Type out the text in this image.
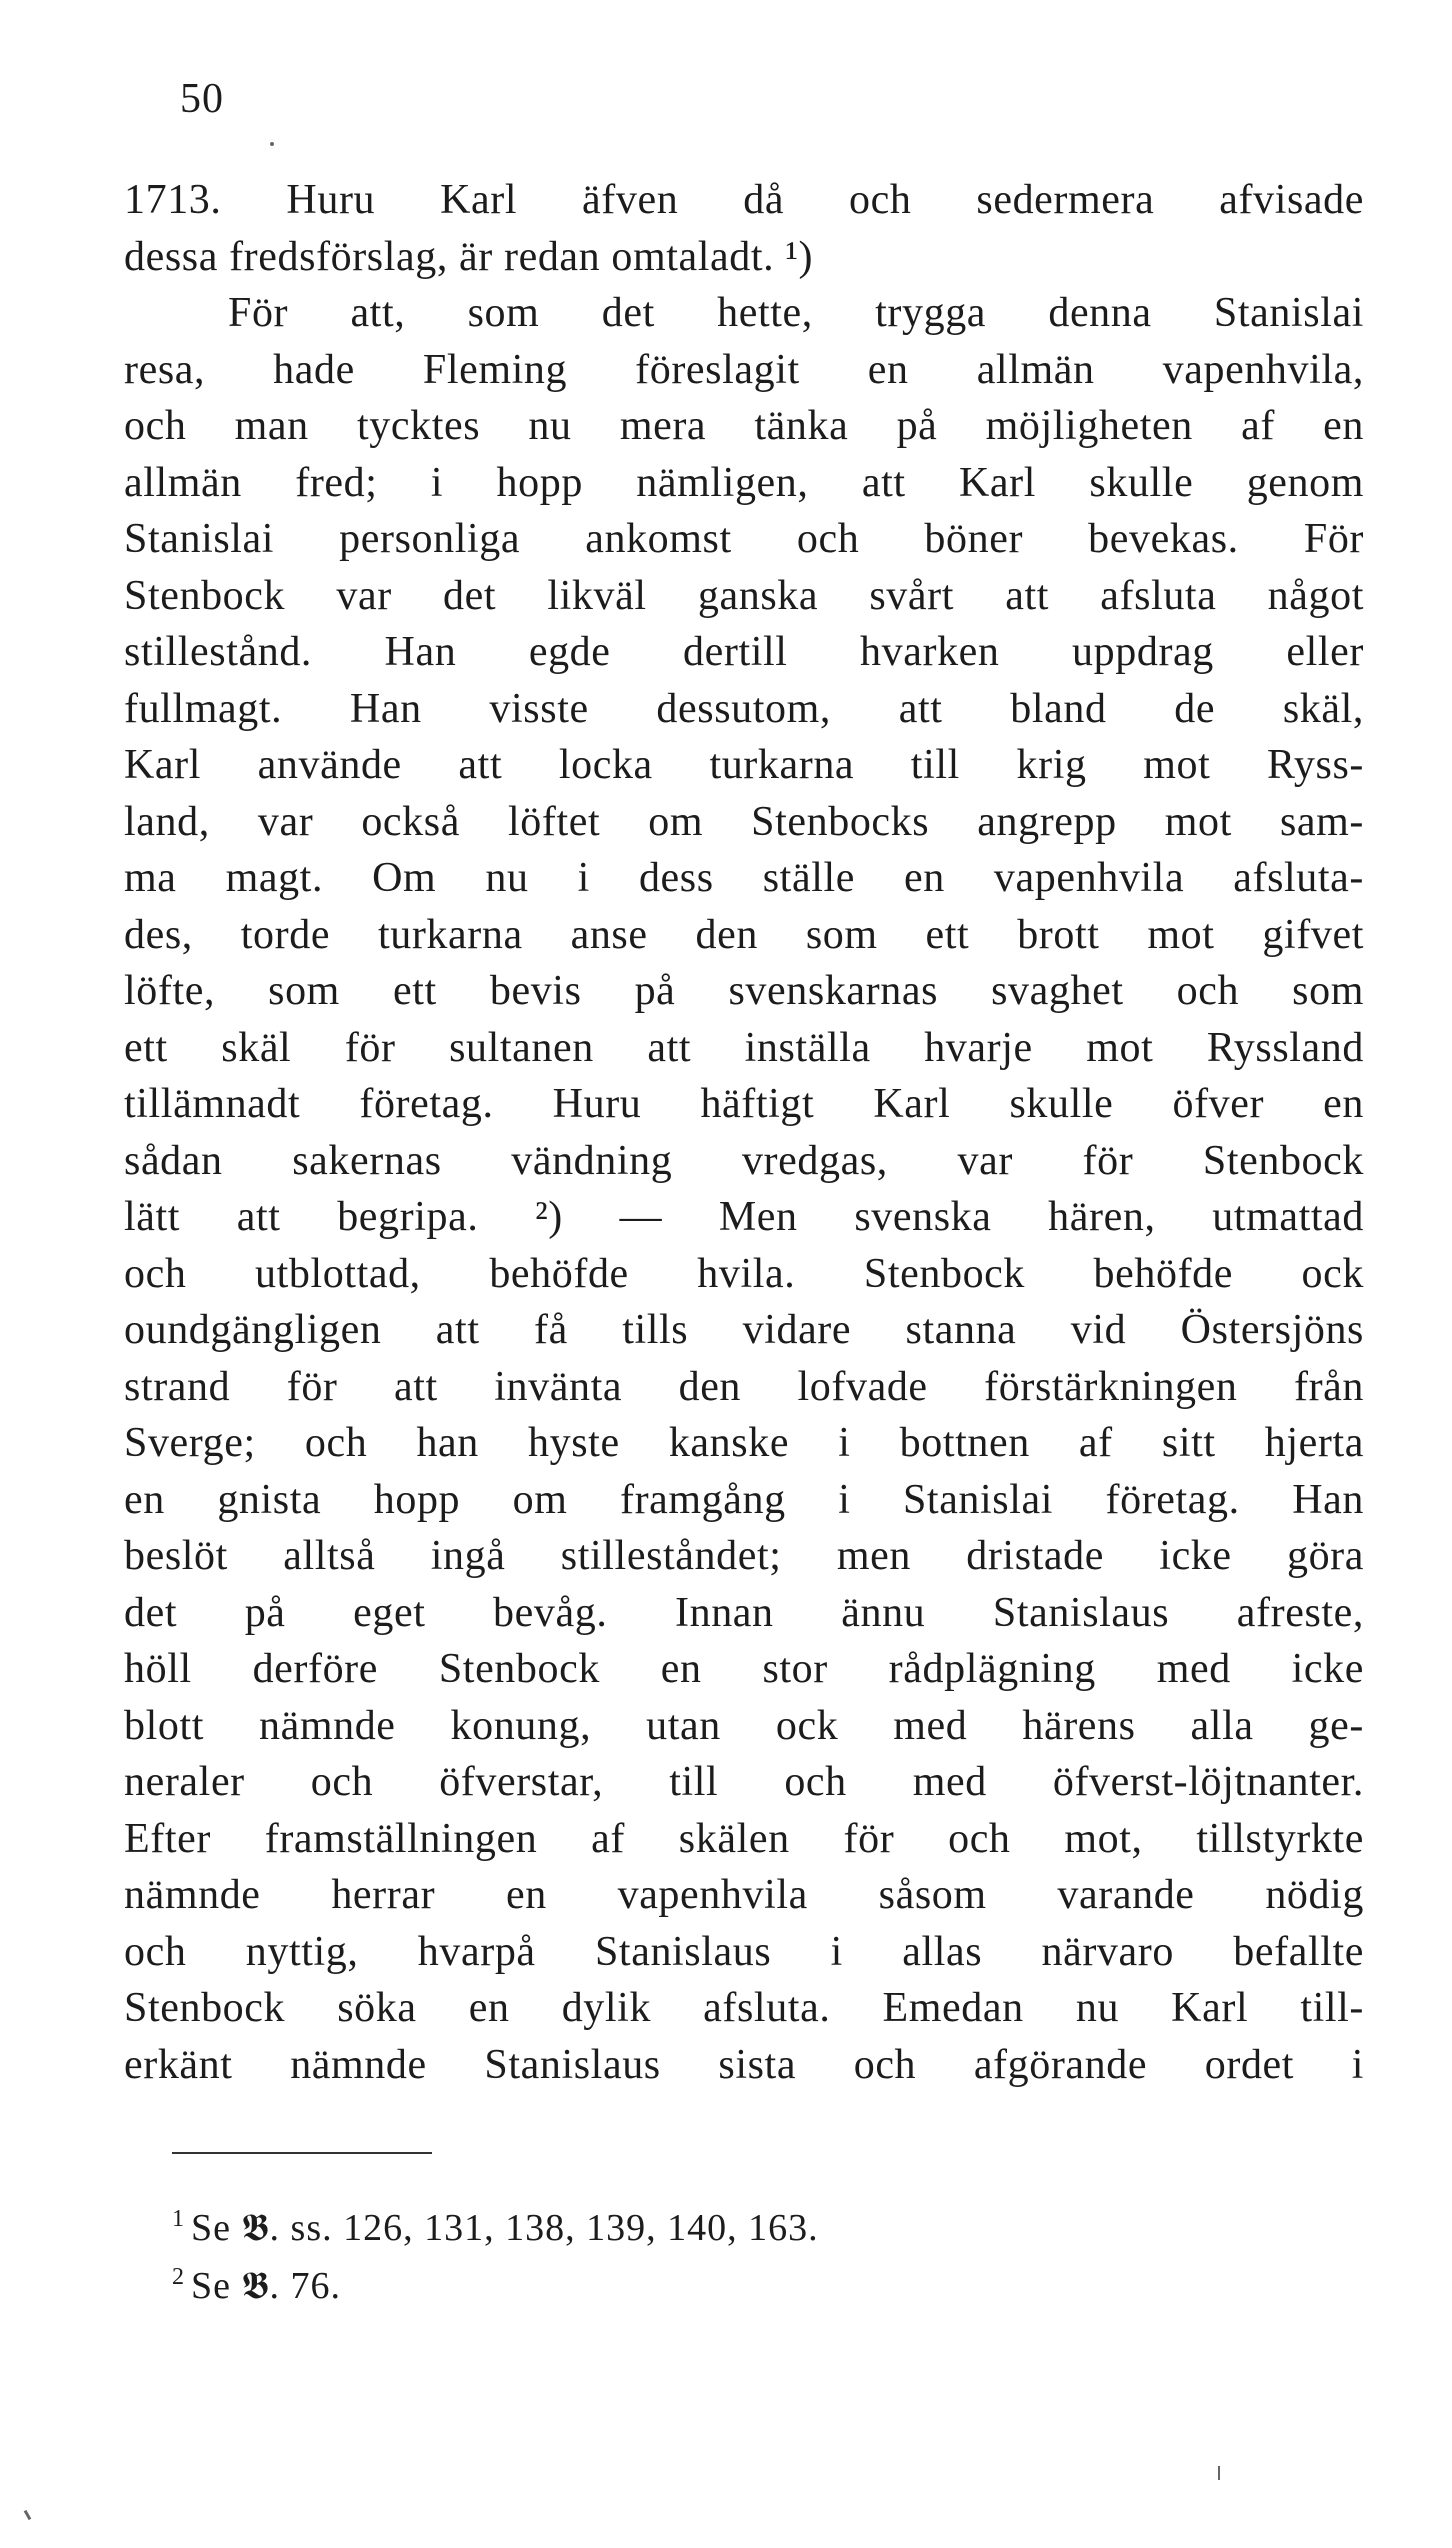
50
1713. Huru Karl äfven då och sedermera afvisade
dessa fredsförslag, är redan omtaladt. ¹)
För att, som det hette, trygga denna Stanislai
resa, hade Fleming föreslagit en allmän vapenhvila,
och man tycktes nu mera tänka på möjligheten af en
allmän fred; i hopp nämligen, att Karl skulle genom
Stanislai personliga ankomst och böner bevekas. För
Stenbock var det likväl ganska svårt att afsluta något
stillestånd. Han egde dertill hvarken uppdrag eller
fullmagt. Han visste dessutom, att bland de skäl,
Karl använde att locka turkarna till krig mot Ryss-
land, var också löftet om Stenbocks angrepp mot sam-
ma magt. Om nu i dess ställe en vapenhvila afsluta-
des, torde turkarna anse den som ett brott mot gifvet
löfte, som ett bevis på svenskarnas svaghet och som
ett skäl för sultanen att inställa hvarje mot Ryssland
tillämnadt företag. Huru häftigt Karl skulle öfver en
sådan sakernas vändning vredgas, var för Stenbock
lätt att begripa. ²) — Men svenska hären, utmattad
och utblottad, behöfde hvila. Stenbock behöfde ock
oundgängligen att få tills vidare stanna vid Östersjöns
strand för att invänta den lofvade förstärkningen från
Sverge; och han hyste kanske i bottnen af sitt hjerta
en gnista hopp om framgång i Stanislai företag. Han
beslöt alltså ingå stilleståndet; men dristade icke göra
det på eget bevåg. Innan ännu Stanislaus afreste,
höll derföre Stenbock en stor rådplägning med icke
blott nämnde konung, utan ock med härens alla ge-
neraler och öfverstar, till och med öfverst-löjtnanter.
Efter framställningen af skälen för och mot, tillstyrkte
nämnde herrar en vapenhvila såsom varande nödig
och nyttig, hvarpå Stanislaus i allas närvaro befallte
Stenbock söka en dylik afsluta. Emedan nu Karl till-
erkänt nämnde Stanislaus sista och afgörande ordet i
$^1$ Se 𝕭. ss. 126, 131, 138, 139, 140, 163.
$^2$ Se 𝕭. 76.
